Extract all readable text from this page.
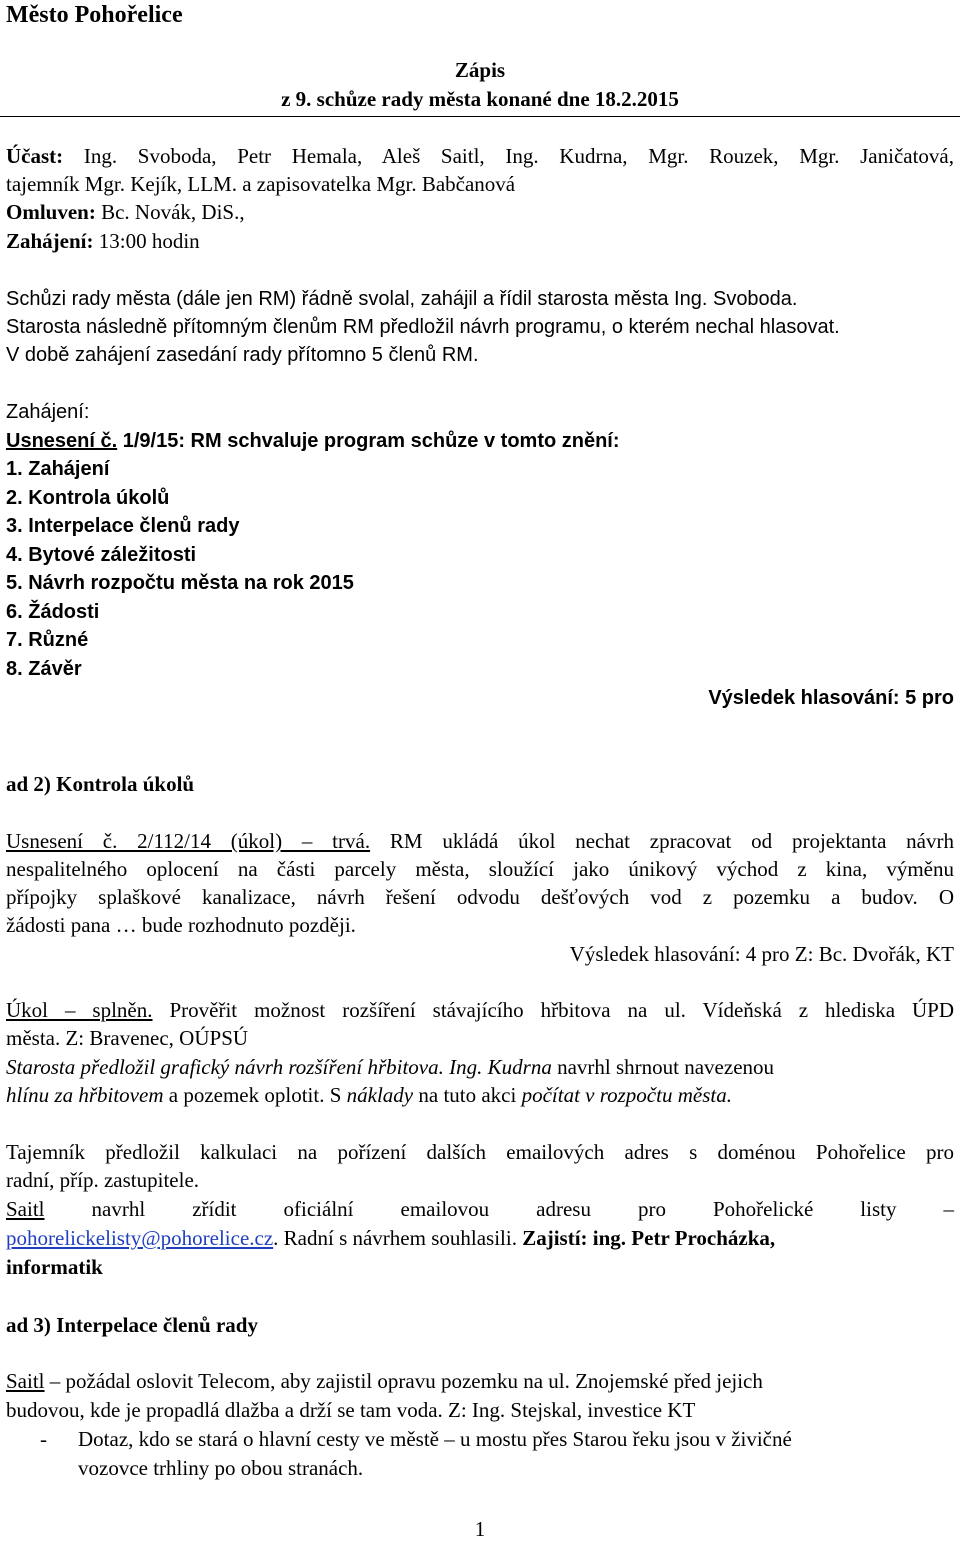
Město Pohořelice
Zápis
z 9. schůze rady města konané dne 18.2.2015
Účast: Ing. Svoboda, Petr Hemala, Aleš Saitl, Ing. Kudrna, Mgr. Rouzek, Mgr. Janičatová,
tajemník Mgr. Kejík, LLM. a zapisovatelka Mgr. Babčanová
Omluven: Bc. Novák, DiS.,
Zahájení: 13:00 hodin
Schůzi rady města (dále jen RM) řádně svolal, zahájil a řídil starosta města Ing. Svoboda.
Starosta následně přítomným členům RM předložil návrh programu, o kterém nechal hlasovat.
V době zahájení zasedání rady přítomno 5 členů RM.
Zahájení:
Usnesení č. 1/9/15: RM schvaluje program schůze v tomto znění:
1. Zahájení
2. Kontrola úkolů
3. Interpelace členů rady
4. Bytové záležitosti
5. Návrh rozpočtu města na rok 2015
6. Žádosti
7. Různé
8. Závěr
Výsledek hlasování: 5 pro
ad 2) Kontrola úkolů
Usnesení č. 2/112/14 (úkol) – trvá. RM ukládá úkol nechat zpracovat od projektanta návrh
nespalitelného oplocení na části parcely města, sloužící jako únikový východ z kina, výměnu
přípojky splaškové kanalizace, návrh řešení odvodu dešťových vod z pozemku a budov. O
žádosti pana … bude rozhodnuto později.
Výsledek hlasování: 4 pro Z: Bc. Dvořák, KT
Úkol – splněn. Prověřit možnost rozšíření stávajícího hřbitova na ul. Vídeňská z hlediska ÚPD
města. Z: Bravenec, OÚPSÚ
Starosta předložil grafický návrh rozšíření hřbitova. Ing. Kudrna navrhl shrnout navezenou
hlínu za hřbitovem a pozemek oplotit. S náklady na tuto akci počítat v rozpočtu města.
Tajemník předložil kalkulaci na pořízení dalších emailových adres s doménou Pohořelice pro
radní, příp. zastupitele.
Saitl navrhl zřídit oficiální emailovou adresu pro Pohořelické listy –
pohorelickelisty@pohorelice.cz. Radní s návrhem souhlasili. Zajistí: ing. Petr Procházka,
informatik
ad 3) Interpelace členů rady
Saitl – požádal oslovit Telecom, aby zajistil opravu pozemku na ul. Znojemské před jejich
budovou, kde je propadlá dlažba a drží se tam voda. Z: Ing. Stejskal, investice KT
- Dotaz, kdo se stará o hlavní cesty ve městě – u mostu přes Starou řeku jsou v živičné
vozovce trhliny po obou stranách.
1
